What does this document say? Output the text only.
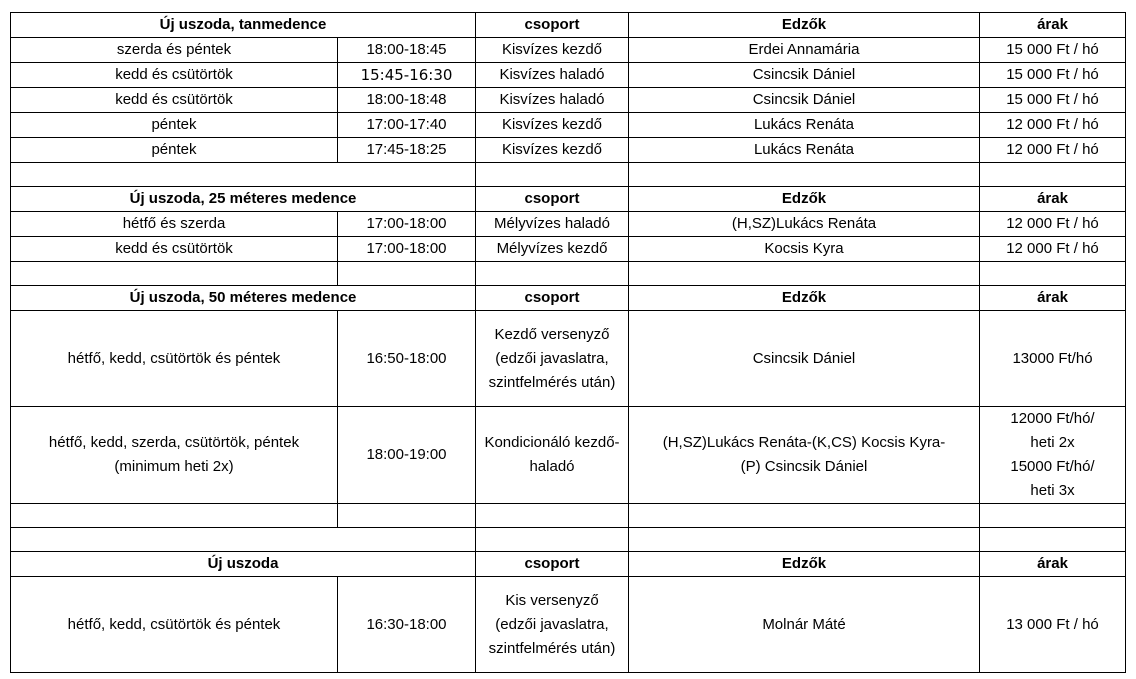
Új uszoda, tanmedence		csoport	Edzők	árak
szerda és péntek	18:00-18:45	Kisvízes kezdő	Erdei Annamária	15 000 Ft / hó
kedd és csütörtök	15:45-16:30	Kisvízes haladó	Csincsik Dániel	15 000 Ft / hó
kedd és csütörtök	18:00-18:48	Kisvízes haladó	Csincsik Dániel	15 000 Ft / hó
péntek	17:00-17:40	Kisvízes kezdő	Lukács Renáta	12 000 Ft / hó
péntek	17:45-18:25	Kisvízes kezdő	Lukács Renáta	12 000 Ft / hó

Új uszoda, 25 méteres medence		csoport	Edzők	árak
hétfő és szerda	17:00-18:00	Mélyvízes haladó	(H,SZ)Lukács Renáta	12 000 Ft / hó
kedd és csütörtök	17:00-18:00	Mélyvízes kezdő	Kocsis Kyra	12 000 Ft / hó

Új uszoda, 50 méteres medence		csoport	Edzők	árak

hétfő, kedd, csütörtök és péntek	16:50-18:00	Kezdő versenyző
(edzői javaslatra,
szintfelmérés után)	Csincsik Dániel	13000 Ft/hó

hétfő, kedd, szerda, csütörtök, péntek
(minimum heti 2x)	18:00-19:00	Kondicionáló kezdő-
haladó	(H,SZ)Lukács Renáta-(K,CS) Kocsis Kyra-
(P) Csincsik Dániel	12000 Ft/hó/
heti 2x
15000 Ft/hó/
heti 3x

Új uszoda		csoport	Edzők	árak

hétfő, kedd, csütörtök és péntek	16:30-18:00	Kis versenyző
(edzői javaslatra,
szintfelmérés után)	Molnár Máté	13 000 Ft / hó
